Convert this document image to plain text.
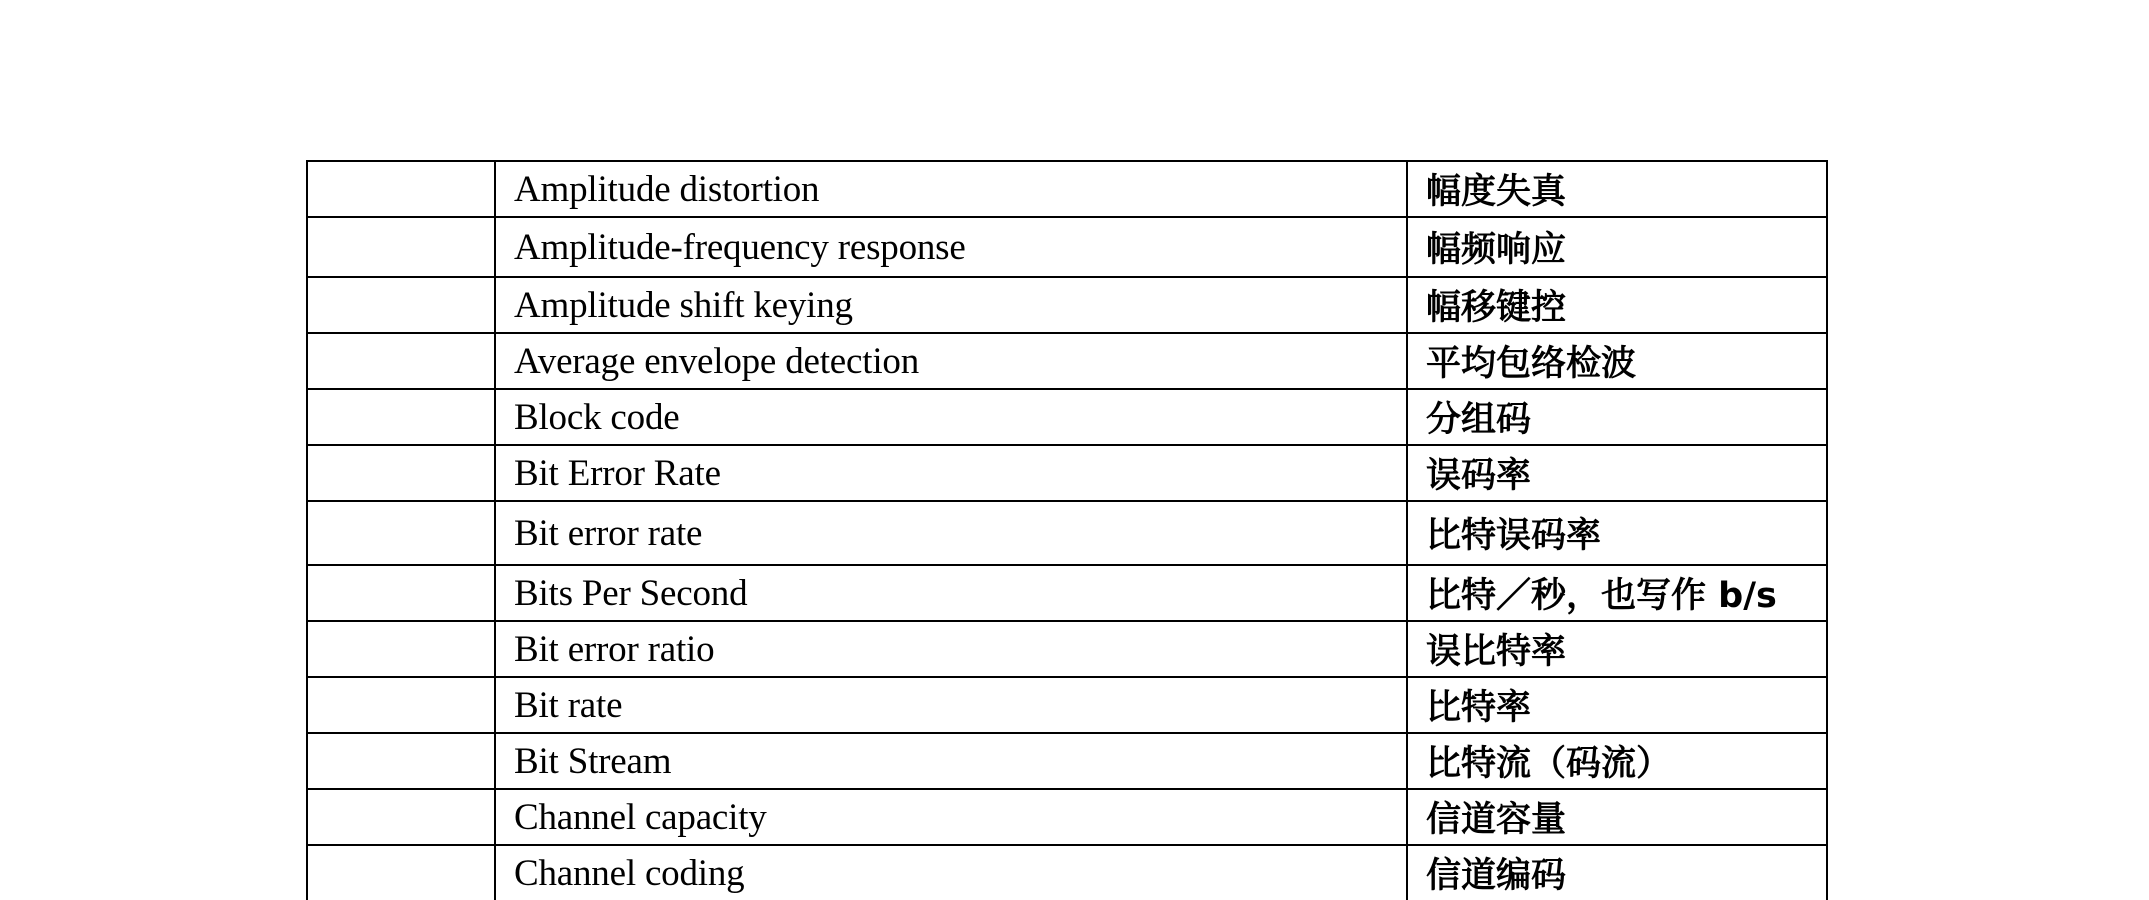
	Amplitude distortion	幅度失真
	Amplitude-frequency response	幅频响应
	Amplitude shift keying	幅移键控
	Average envelope detection	平均包络检波
	Block code	分组码
	Bit Error Rate	误码率
	Bit error rate	比特误码率
	Bits Per Second	比特／秒，也写作 b/s
	Bit error ratio	误比特率
	Bit rate	比特率
	Bit Stream	比特流（码流）
	Channel capacity	信道容量
	Channel coding	信道编码
